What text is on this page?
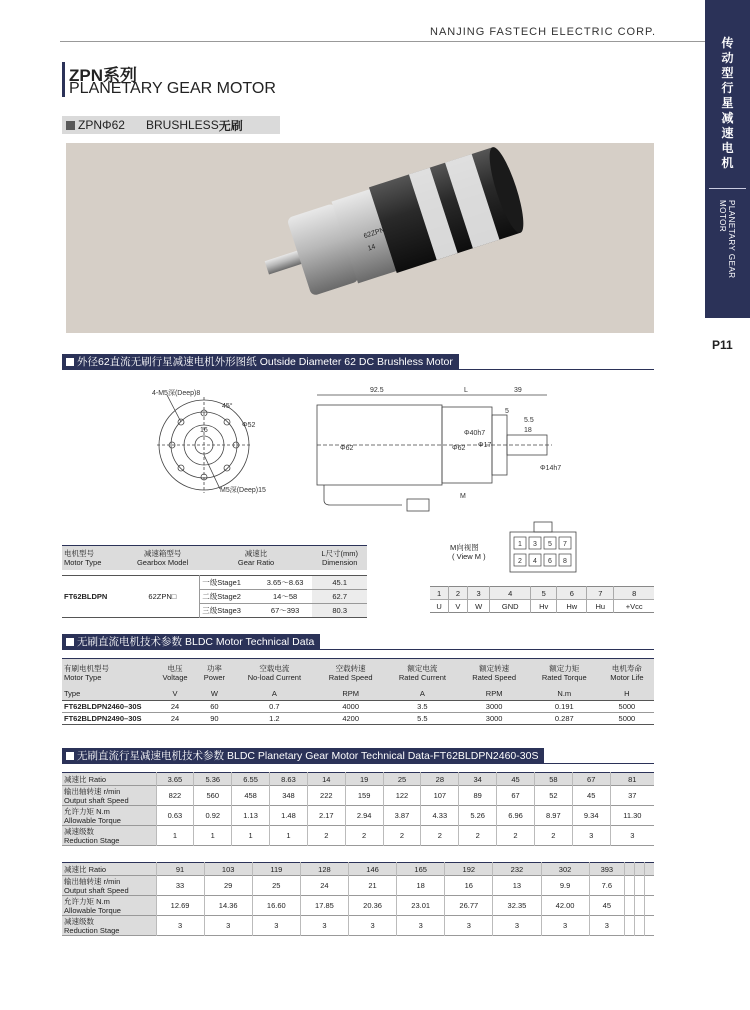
NANJING FASTECH ELECTRIC CORP.
传
动
型
行
星
减
速
电
机
PLANETARY GEAR MOTOR
P11
ZPN系列
PLANETARY GEAR MOTOR
ZPNΦ62	BRUSHLESS 无刷
62ZPN
14
外径62直流无刷行星减速电机外形图纸 Outside Diameter 62 DC Brushless Motor
4-M5深(Deep)8
45°
Φ52
16
M5深(Deep)15
92.5	L	39
5
5.5
18
Φ62	Φ62
Φ40h7
Φ17
Φ14h7
M
M向视图
( View M )
1 3 5 7
2 4 6 8
电机型号
Motor Type	减速箱型号
Gearbox Model	减速比
Gear Ratio		L尺寸(mm)
Dimension

FT62BLDPN	62ZPN□	一级Stage1	3.65～8.63	45.1
		二级Stage2	14～58	62.7
		三级Stage3	67～393	80.3
1	2	3	4	5	6	7	8
U	V	W	GND	Hv	Hw	Hu	+Vcc
无刷直流电机技术参数 BLDC Motor Technical Data
有刷电机型号
Motor Type	电压
Voltage	功率
Power	空载电流
No-load Current	空载转速
Rated Speed	额定电流
Rated Current	额定转速
Rated Speed	额定力矩
Rated Torque	电机寿命
Motor Life
Type	V	W	A	RPM	A	RPM	N.m	H
FT62BLDPN2460–30S	24	60	0.7	4000	3.5	3000	0.191	5000
FT62BLDPN2490–30S	24	90	1.2	4200	5.5	3000	0.287	5000
无刷直流行星减速电机技术参数 BLDC Planetary Gear Motor Technical Data-FT62BLDPN2460-30S
减速比 Ratio	3.65	5.36	6.55	8.63	14	19	25	28	34	45	58	67	81
输出轴转速 r/min
Output shaft Speed	822	560	458	348	222	159	122	107	89	67	52	45	37
允许力矩 N.m
Allowable Torque	0.63	0.92	1.13	1.48	2.17	2.94	3.87	4.33	5.26	6.96	8.97	9.34	11.30
减速级数
Reduction Stage	1	1	1	1	2	2	2	2	2	2	2	3	3
减速比 Ratio	91	103	119	128	146	165	192	232	302	393			
输出轴转速 r/min
Output shaft Speed	33	29	25	24	21	18	16	13	9.9	7.6			
允许力矩 N.m
Allowable Torque	12.69	14.36	16.60	17.85	20.36	23.01	26.77	32.35	42.00	45			
减速级数
Reduction Stage	3	3	3	3	3	3	3	3	3	3			
